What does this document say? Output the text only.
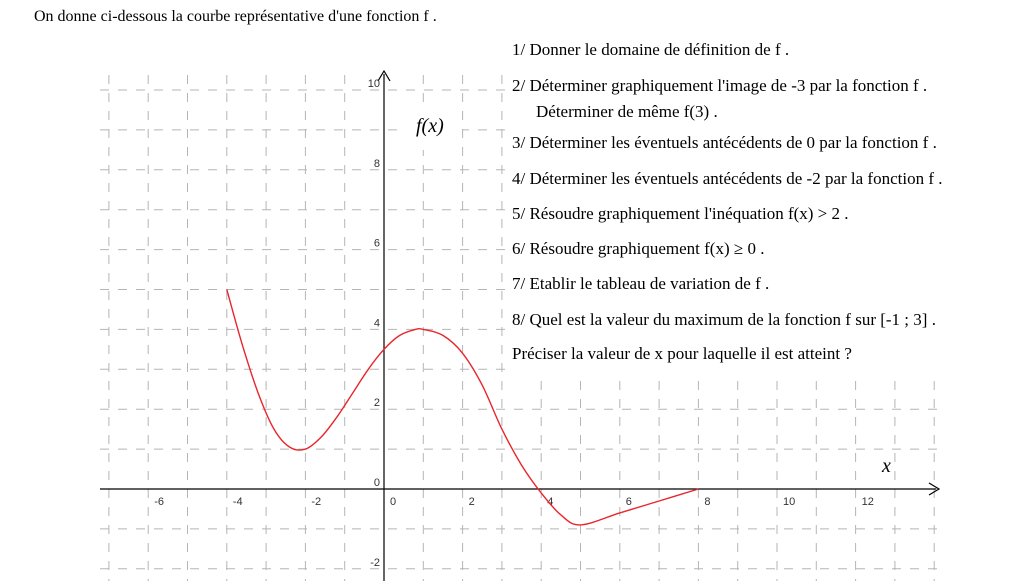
On donne ci-dessous la courbe représentative d'une fonction f .
-6	-4	-2	0	2	4	6	8	10	12
-2
0
2
4
6
8
10
f(x)
x
1/ Donner le domaine de définition de f .
2/ Déterminer graphiquement l'image de -3 par la fonction f .
Déterminer de même f(3) .
3/ Déterminer les éventuels antécédents de 0 par la fonction f .
4/ Déterminer les éventuels antécédents de -2 par la fonction f .
5/ Résoudre graphiquement l'inéquation f(x) > 2 .
6/ Résoudre graphiquement f(x) ≥ 0 .
7/ Etablir le tableau de variation de f .
8/ Quel est la valeur du maximum de la fonction f sur [-1 ; 3] .
Préciser la valeur de x pour laquelle il est atteint ?
